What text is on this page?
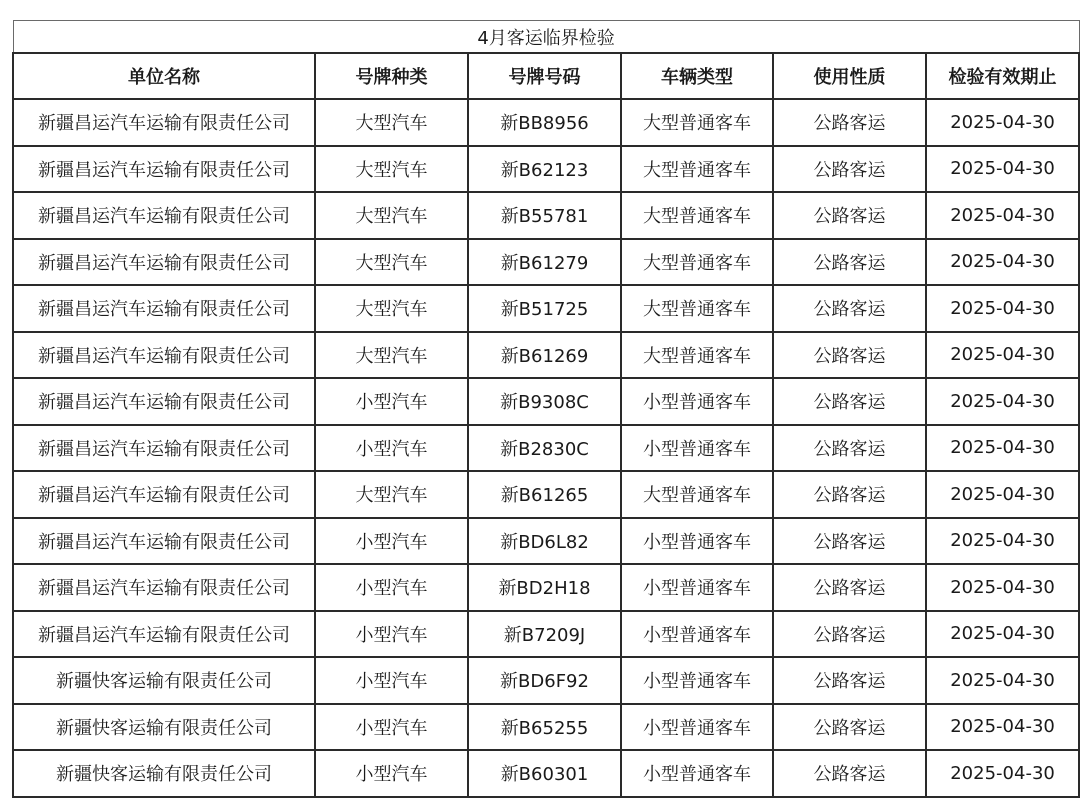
4月客运临界检验					
单位名称	号牌种类	号牌号码	车辆类型	使用性质	检验有效期止
新疆昌运汽车运输有限责任公司	大型汽车	新BB8956	大型普通客车	公路客运	2025-04-30
新疆昌运汽车运输有限责任公司	大型汽车	新B62123	大型普通客车	公路客运	2025-04-30
新疆昌运汽车运输有限责任公司	大型汽车	新B55781	大型普通客车	公路客运	2025-04-30
新疆昌运汽车运输有限责任公司	大型汽车	新B61279	大型普通客车	公路客运	2025-04-30
新疆昌运汽车运输有限责任公司	大型汽车	新B51725	大型普通客车	公路客运	2025-04-30
新疆昌运汽车运输有限责任公司	大型汽车	新B61269	大型普通客车	公路客运	2025-04-30
新疆昌运汽车运输有限责任公司	小型汽车	新B9308C	小型普通客车	公路客运	2025-04-30
新疆昌运汽车运输有限责任公司	小型汽车	新B2830C	小型普通客车	公路客运	2025-04-30
新疆昌运汽车运输有限责任公司	大型汽车	新B61265	大型普通客车	公路客运	2025-04-30
新疆昌运汽车运输有限责任公司	小型汽车	新BD6L82	小型普通客车	公路客运	2025-04-30
新疆昌运汽车运输有限责任公司	小型汽车	新BD2H18	小型普通客车	公路客运	2025-04-30
新疆昌运汽车运输有限责任公司	小型汽车	新B7209J	小型普通客车	公路客运	2025-04-30
新疆快客运输有限责任公司	小型汽车	新BD6F92	小型普通客车	公路客运	2025-04-30
新疆快客运输有限责任公司	小型汽车	新B65255	小型普通客车	公路客运	2025-04-30
新疆快客运输有限责任公司	小型汽车	新B60301	小型普通客车	公路客运	2025-04-30
